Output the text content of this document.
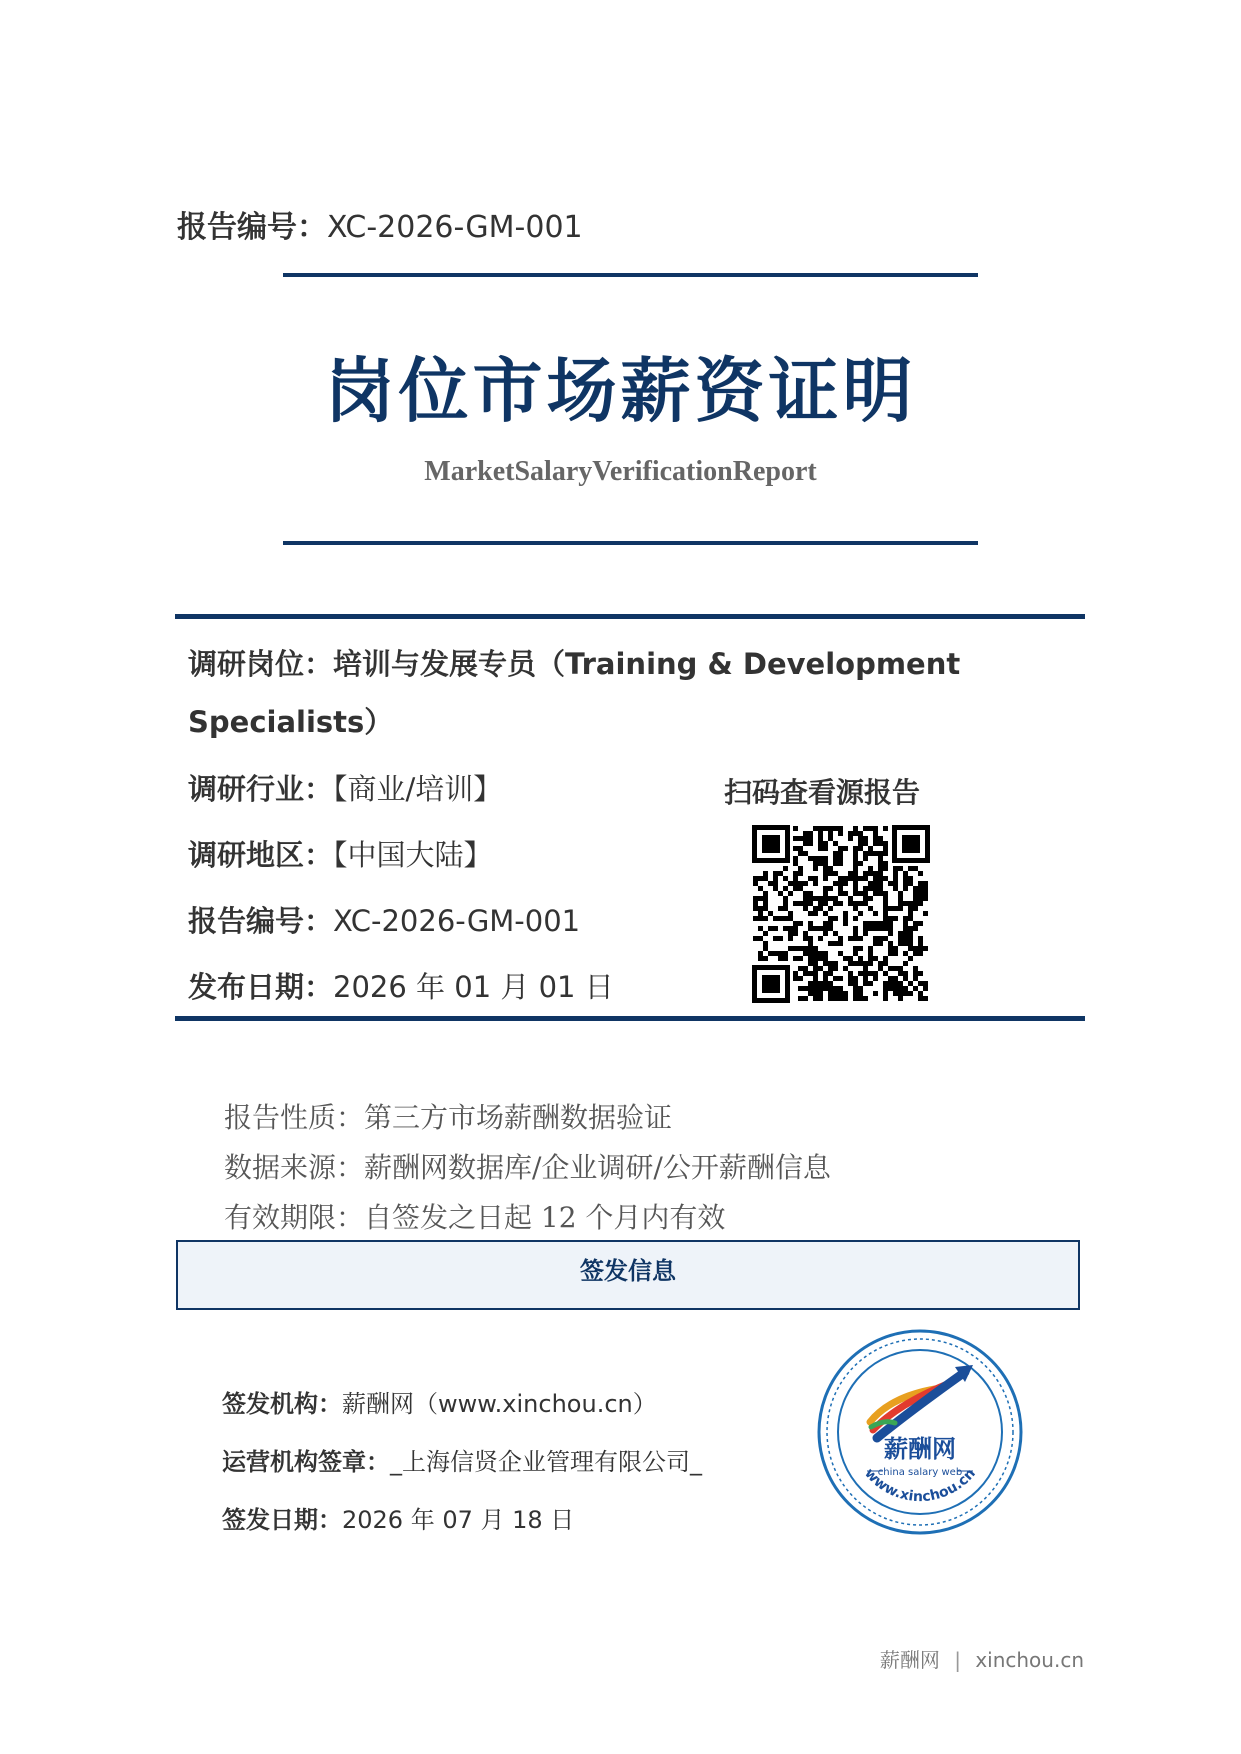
报告编号：XC-2026-GM-001
岗位市场薪资证明
MarketSalaryVerificationReport
调研岗位：培训与发展专员（Training & Development
Specialists）
调研行业：【商业/培训】
调研地区：【中国大陆】
报告编号：XC-2026-GM-001
发布日期：2026 年 01 月 01 日
扫码查看源报告
报告性质：第三方市场薪酬数据验证
数据来源：薪酬网数据库/企业调研/公开薪酬信息
有效期限：自签发之日起 12 个月内有效
签发信息
签发机构：薪酬网（www.xinchou.cn）
运营机构签章：_上海信贤企业管理有限公司_
签发日期：2026 年 07 月 18 日
薪酬网
china salary web
www.xinchou.cn
薪酬网 | xinchou.cn
